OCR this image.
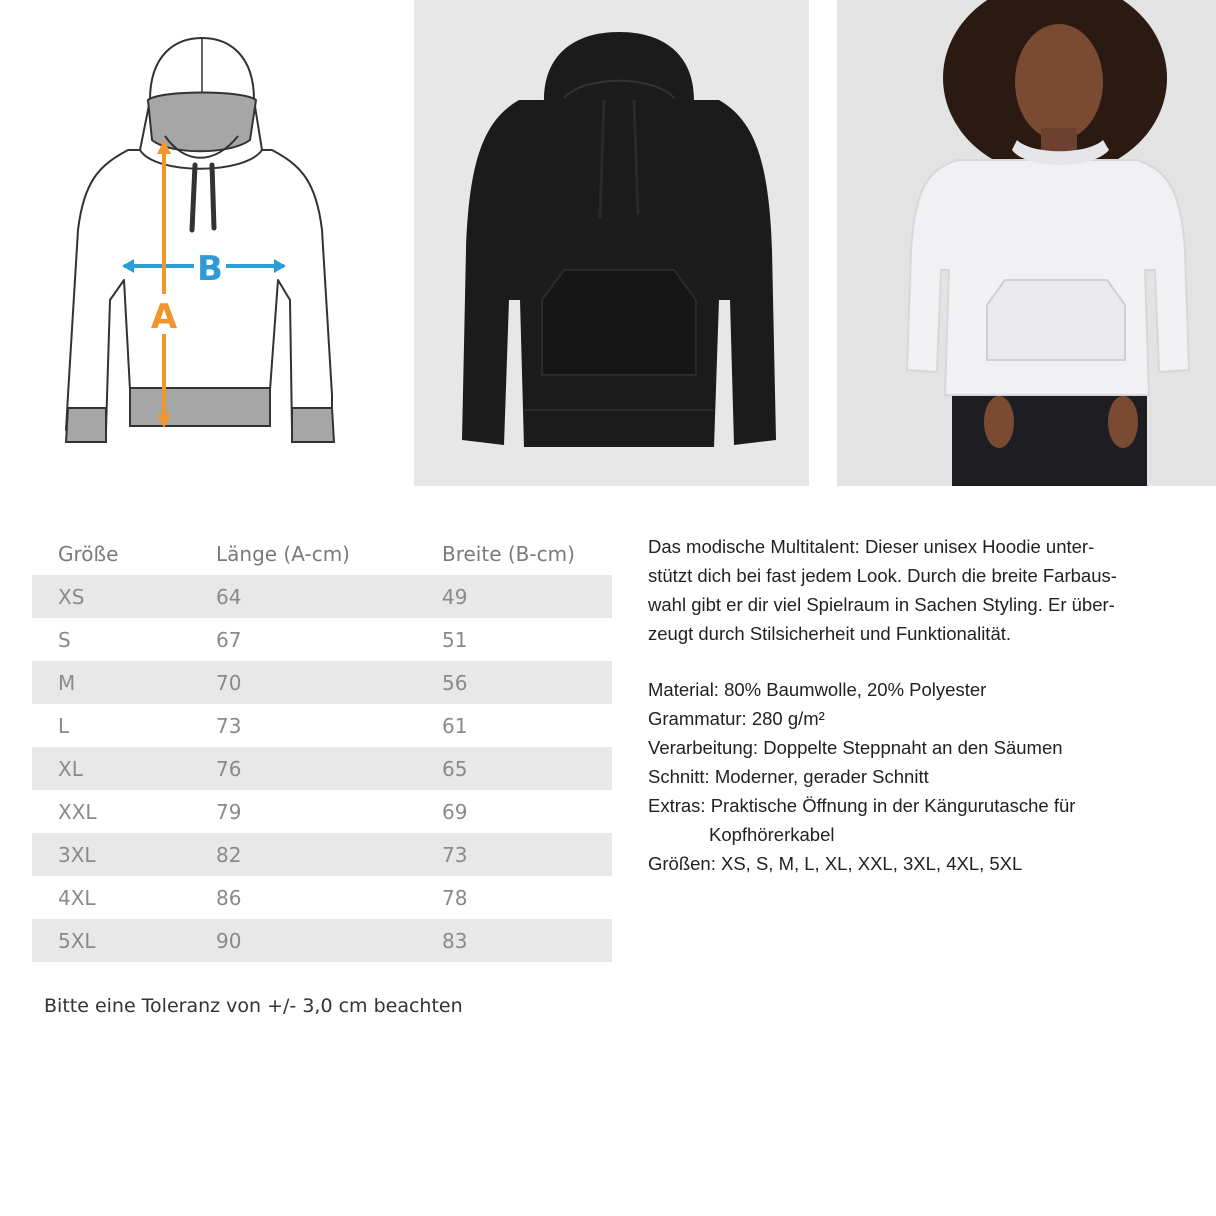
B
A
Größe	Länge (A-cm)	Breite (B-cm)
XS	64	49
S	67	51
M	70	56
L	73	61
XL	76	65
XXL	79	69
3XL	82	73
4XL	86	78
5XL	90	83
Bitte eine Toleranz von +/- 3,0 cm beachten

Das modische Multitalent: Dieser unisex Hoodie unter-

stützt dich bei fast jedem Look. Durch die breite Farbaus-

wahl gibt er dir viel Spielraum in Sachen Styling. Er über-

zeugt durch Stilsicherheit und Funktionalität.

Material: 80% Baumwolle, 20% Polyester
Grammatur: 280 g/m²
Verarbeitung: Doppelte Steppnaht an den Säumen
Schnitt: Moderner, gerader Schnitt
Extras: Praktische Öffnung in der Kängurutasche für
Kopfhörerkabel
Größen: XS, S, M, L, XL, XXL, 3XL, 4XL, 5XL
